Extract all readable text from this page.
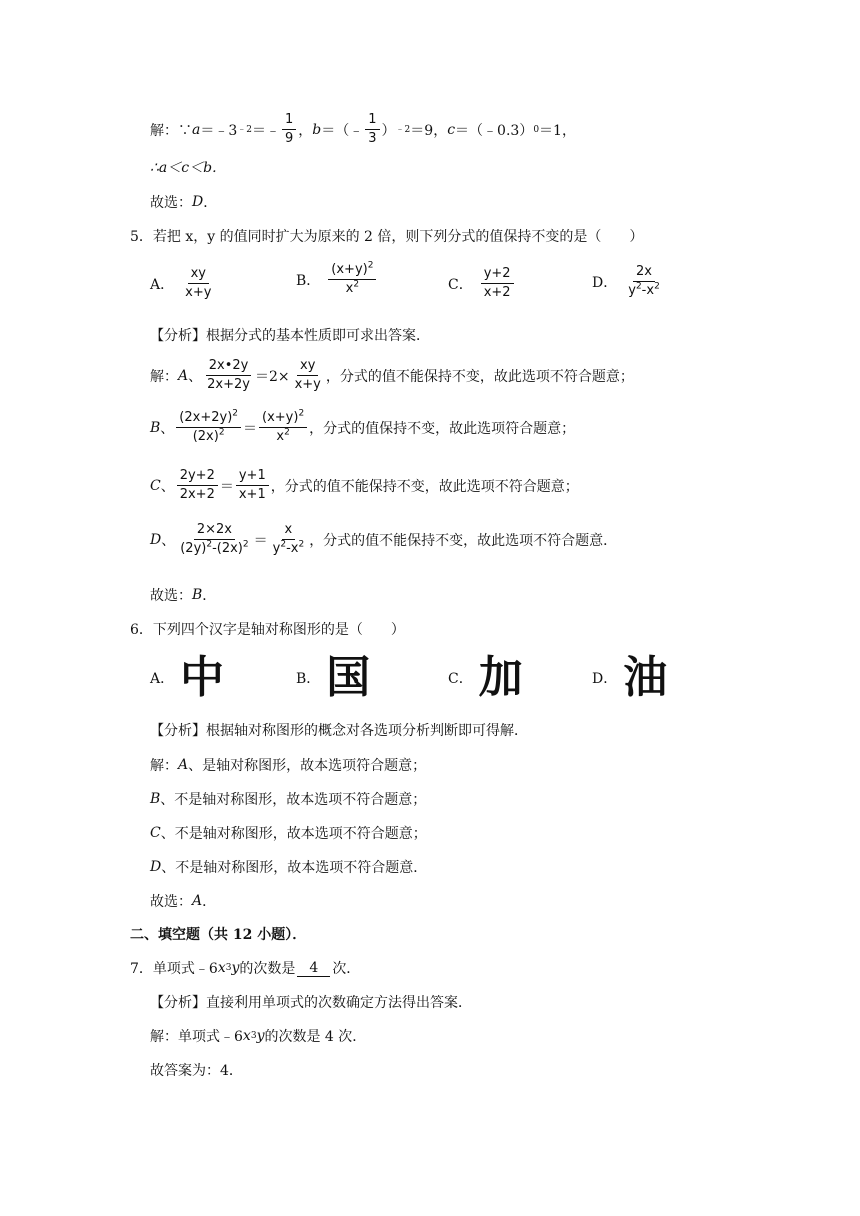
解：∵ a ＝﹣3 ﹣2 ＝﹣ $\frac{1}{9}$ ， b ＝（﹣ $\frac{1}{3}$ ） ﹣2 ＝9， c ＝（﹣0.3） 0 ＝1，
∴a＜c＜b．
故选： D ．
5．若把 x，y 的值同时扩大为原来的 2 倍，则下列分式的值保持不变的是（　　）
A． $\frac{xy}{x+y}$	B． $\frac{(x+y)^2}{x^2}$	C． $\frac{y+2}{x+2}$	D． $\frac{2x}{y^2-x^2}$
【分析】根据分式的基本性质即可求出答案．
解： A 、 $\frac{2x•2y}{2x+2y} =2\times \frac{xy}{x+y}$ ，分式的值不能保持不变，故此选项不符合题意；
B 、 $\frac{(2x+2y)^2}{(2x)^2} = \frac{(x+y)^2}{x^2}$ ，分式的值保持不变，故此选项符合题意；
C 、 $\frac{2y+2}{2x+2} = \frac{y+1}{x+1}$ ，分式的值不能保持不变，故此选项不符合题意；
D 、 $\frac{2\times 2x}{(2y)^2-(2x)^2} = \frac{x}{y^2-x^2}$ ，分式的值不能保持不变，故此选项不符合题意．
故选： B ．
6．下列四个汉字是轴对称图形的是（　　）
A． 中	B． 国	C． 加	D． 油
【分析】根据轴对称图形的概念对各选项分析判断即可得解．
解： A 、是轴对称图形，故本选项符合题意；
B 、不是轴对称图形，故本选项不符合题意；
C 、不是轴对称图形，故本选项不符合题意；
D 、不是轴对称图形，故本选项不符合题意．
故选： A ．
二、填空题（共 12 小题）．
7．单项式﹣6 x 3 y 的次数是	4	次．
【分析】直接利用单项式的次数确定方法得出答案．
解：单项式﹣6 x 3 y 的次数是 4 次．
故答案为：4．
